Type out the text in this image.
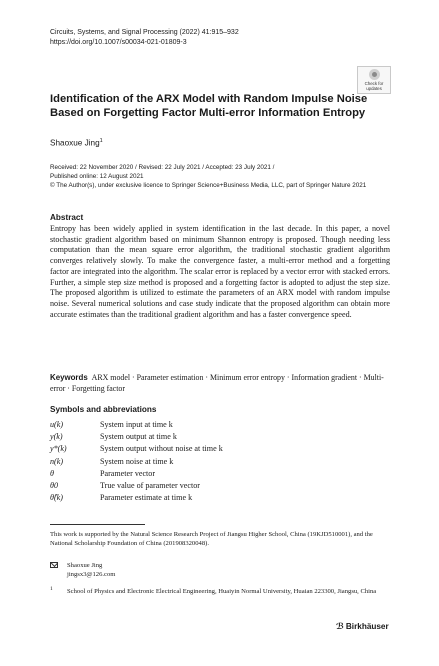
Circuits, Systems, and Signal Processing (2022) 41:915–932
https://doi.org/10.1007/s00034-021-01809-3
Check for
updates
Identification of the ARX Model with Random Impulse Noise
Based on Forgetting Factor Multi-error Information Entropy
Shaoxue Jing$^1$
Received: 22 November 2020 / Revised: 22 July 2021 / Accepted: 23 July 2021 /
Published online: 12 August 2021
© The Author(s), under exclusive licence to Springer Science+Business Media, LLC, part of Springer Nature 2021
Abstract

Entropy has been widely applied in system identification in the last decade. In this paper, a novel stochastic gradient algorithm based on minimum Shannon entropy is proposed. Though needing less computation than the mean square error algorithm, the traditional stochastic gradient algorithm converges relatively slowly. To make the convergence faster, a multi-error method and a forgetting factor are integrated into the algorithm. The scalar error is replaced by a vector error with stacked errors. Further, a simple step size method is proposed and a forgetting factor is adopted to adjust the step size. The proposed algorithm is utilized to estimate the parameters of an ARX model with random impulse noise. Several numerical solutions and case study indicate that the proposed algorithm can obtain more accurate estimates than the traditional gradient algorithm and has a faster convergence speed.

Keywords ARX model · Parameter estimation · Minimum error entropy · Information gradient · Multi-error · Forgetting factor

Symbols and abbreviations
u(k)	System input at time k
y(k)	System output at time k
y*(k)	System output without noise at time k
n(k)	System noise at time k
θ	Parameter vector
θ0	True value of parameter vector
θ̂(k)	Parameter estimate at time k

This work is supported by the Natural Science Research Project of Jiangsu Higher School, China (19KJD510001), and the National Scholarship Foundation of China (201908320048).

Shaoxue Jing
jingsx3@126.com
1 School of Physics and Electronic Electrical Engineering, Huaiyin Normal University, Huaian 223300, Jiangsu, China
ℬ Birkhäuser
